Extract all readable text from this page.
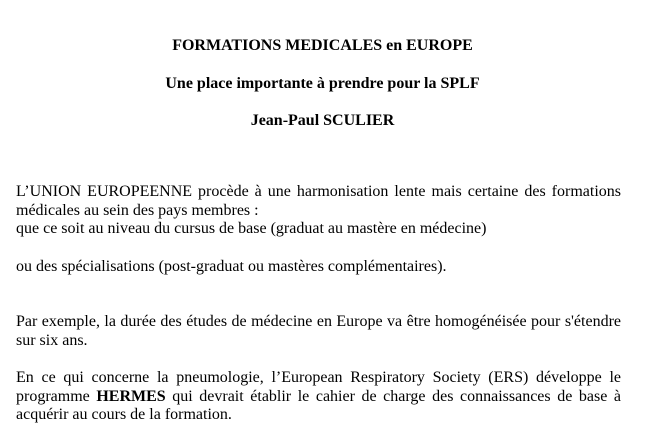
FORMATIONS MEDICALES en EUROPE
Une place importante à prendre pour la SPLF
Jean-Paul SCULIER
L’UNION EUROPEENNE procède à une harmonisation lente mais certaine des formations
médicales au sein des pays membres :
que ce soit au niveau du cursus de base (graduat au mastère en médecine)
ou des spécialisations (post-graduat ou mastères complémentaires).
Par exemple, la durée des études de médecine en Europe va être homogénéisée pour s'étendre
sur six ans.
En ce qui concerne la pneumologie, l’European Respiratory Society (ERS) développe le
programme HERMES qui devrait établir le cahier de charge des connaissances de base à
acquérir au cours de la formation.
